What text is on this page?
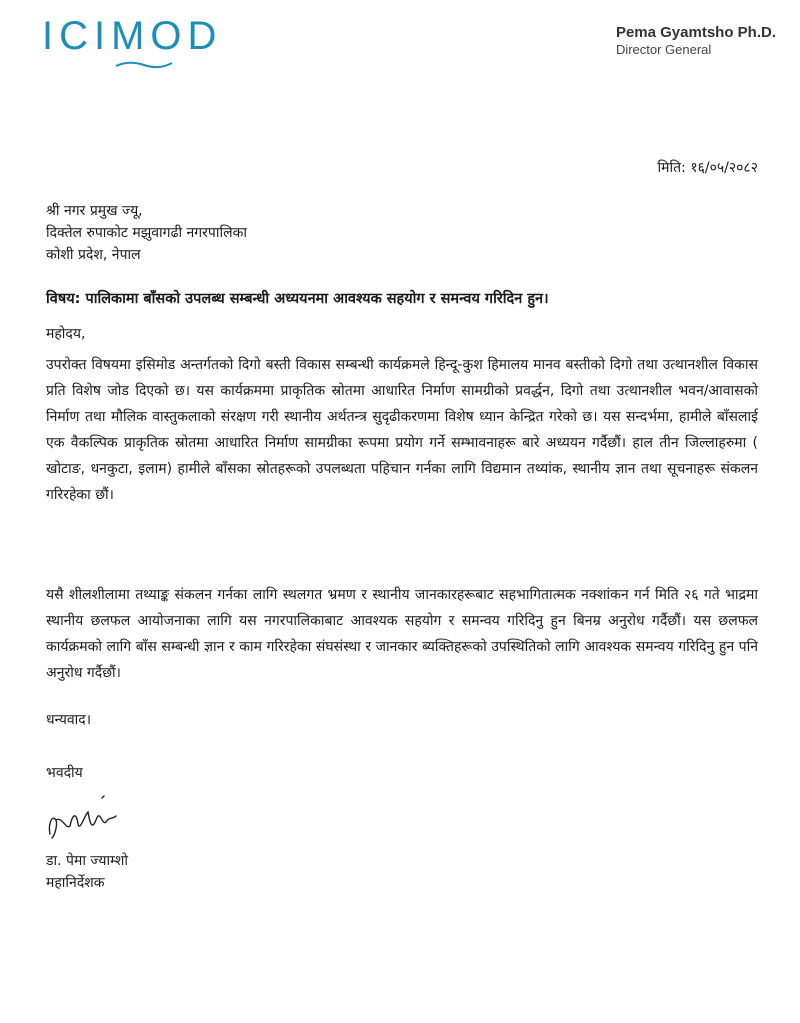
ICIMOD	Pema Gyamtsho Ph.D.
Director General
मिति: १६/०५/२०८२
श्री नगर प्रमुख ज्यू,
दिक्तेल रुपाकोट मझुवागढी नगरपालिका
कोशी प्रदेश, नेपाल
विषय: पालिकामा बाँसको उपलब्ध सम्बन्धी अध्ययनमा आवश्यक सहयोग र समन्वय गरिदिन हुन।
महोदय,
उपरोक्त विषयमा इसिमोड अन्तर्गतको दिगो बस्ती विकास सम्बन्धी कार्यक्रमले हिन्दू-कुश हिमालय मानव बस्तीको दिगो तथा उत्थानशील विकास प्रति विशेष जोड दिएको छ। यस कार्यक्रममा प्राकृतिक स्रोतमा आधारित निर्माण सामग्रीको प्रवर्द्धन, दिगो तथा उत्थानशील भवन/आवासको निर्माण तथा मौलिक वास्तुकलाको संरक्षण गरी स्थानीय अर्थतन्त्र सुदृढीकरणमा विशेष ध्यान केन्द्रित गरेको छ। यस सन्दर्भमा, हामीले बाँसलाई एक वैकल्पिक प्राकृतिक स्रोतमा आधारित निर्माण सामग्रीका रूपमा प्रयोग गर्ने सम्भावनाहरू बारे अध्ययन गर्दैछौं। हाल तीन जिल्लाहरुमा ( खोटाङ, धनकुटा, इलाम) हामीले बाँसका स्रोतहरूको उपलब्धता पहिचान गर्नका लागि विद्यमान तथ्यांक, स्थानीय ज्ञान तथा सूचनाहरू संकलन गरिरहेका छौं।
यसै शीलशीलामा तथ्याङ्क संकलन गर्नका लागि स्थलगत भ्रमण र स्थानीय जानकारहरूबाट सहभागितात्मक नक्शांकन गर्न मिति २६ गते भाद्रमा स्थानीय छलफल आयोजनाका लागि यस नगरपालिकाबाट आवश्यक सहयोग र समन्वय गरिदिनु हुन बिनम्र अनुरोध गर्दैछौं। यस छलफल कार्यक्रमको लागि बाँस सम्बन्धी ज्ञान र काम गरिरहेका संघसंस्था र जानकार ब्यक्तिहरूको उपस्थितिको लागि आवश्यक समन्वय गरिदिनु हुन पनि अनुरोध गर्दैछौं।
धन्यवाद।
भवदीय
डा. पेमा ज्याम्शो
महानिर्देशक
